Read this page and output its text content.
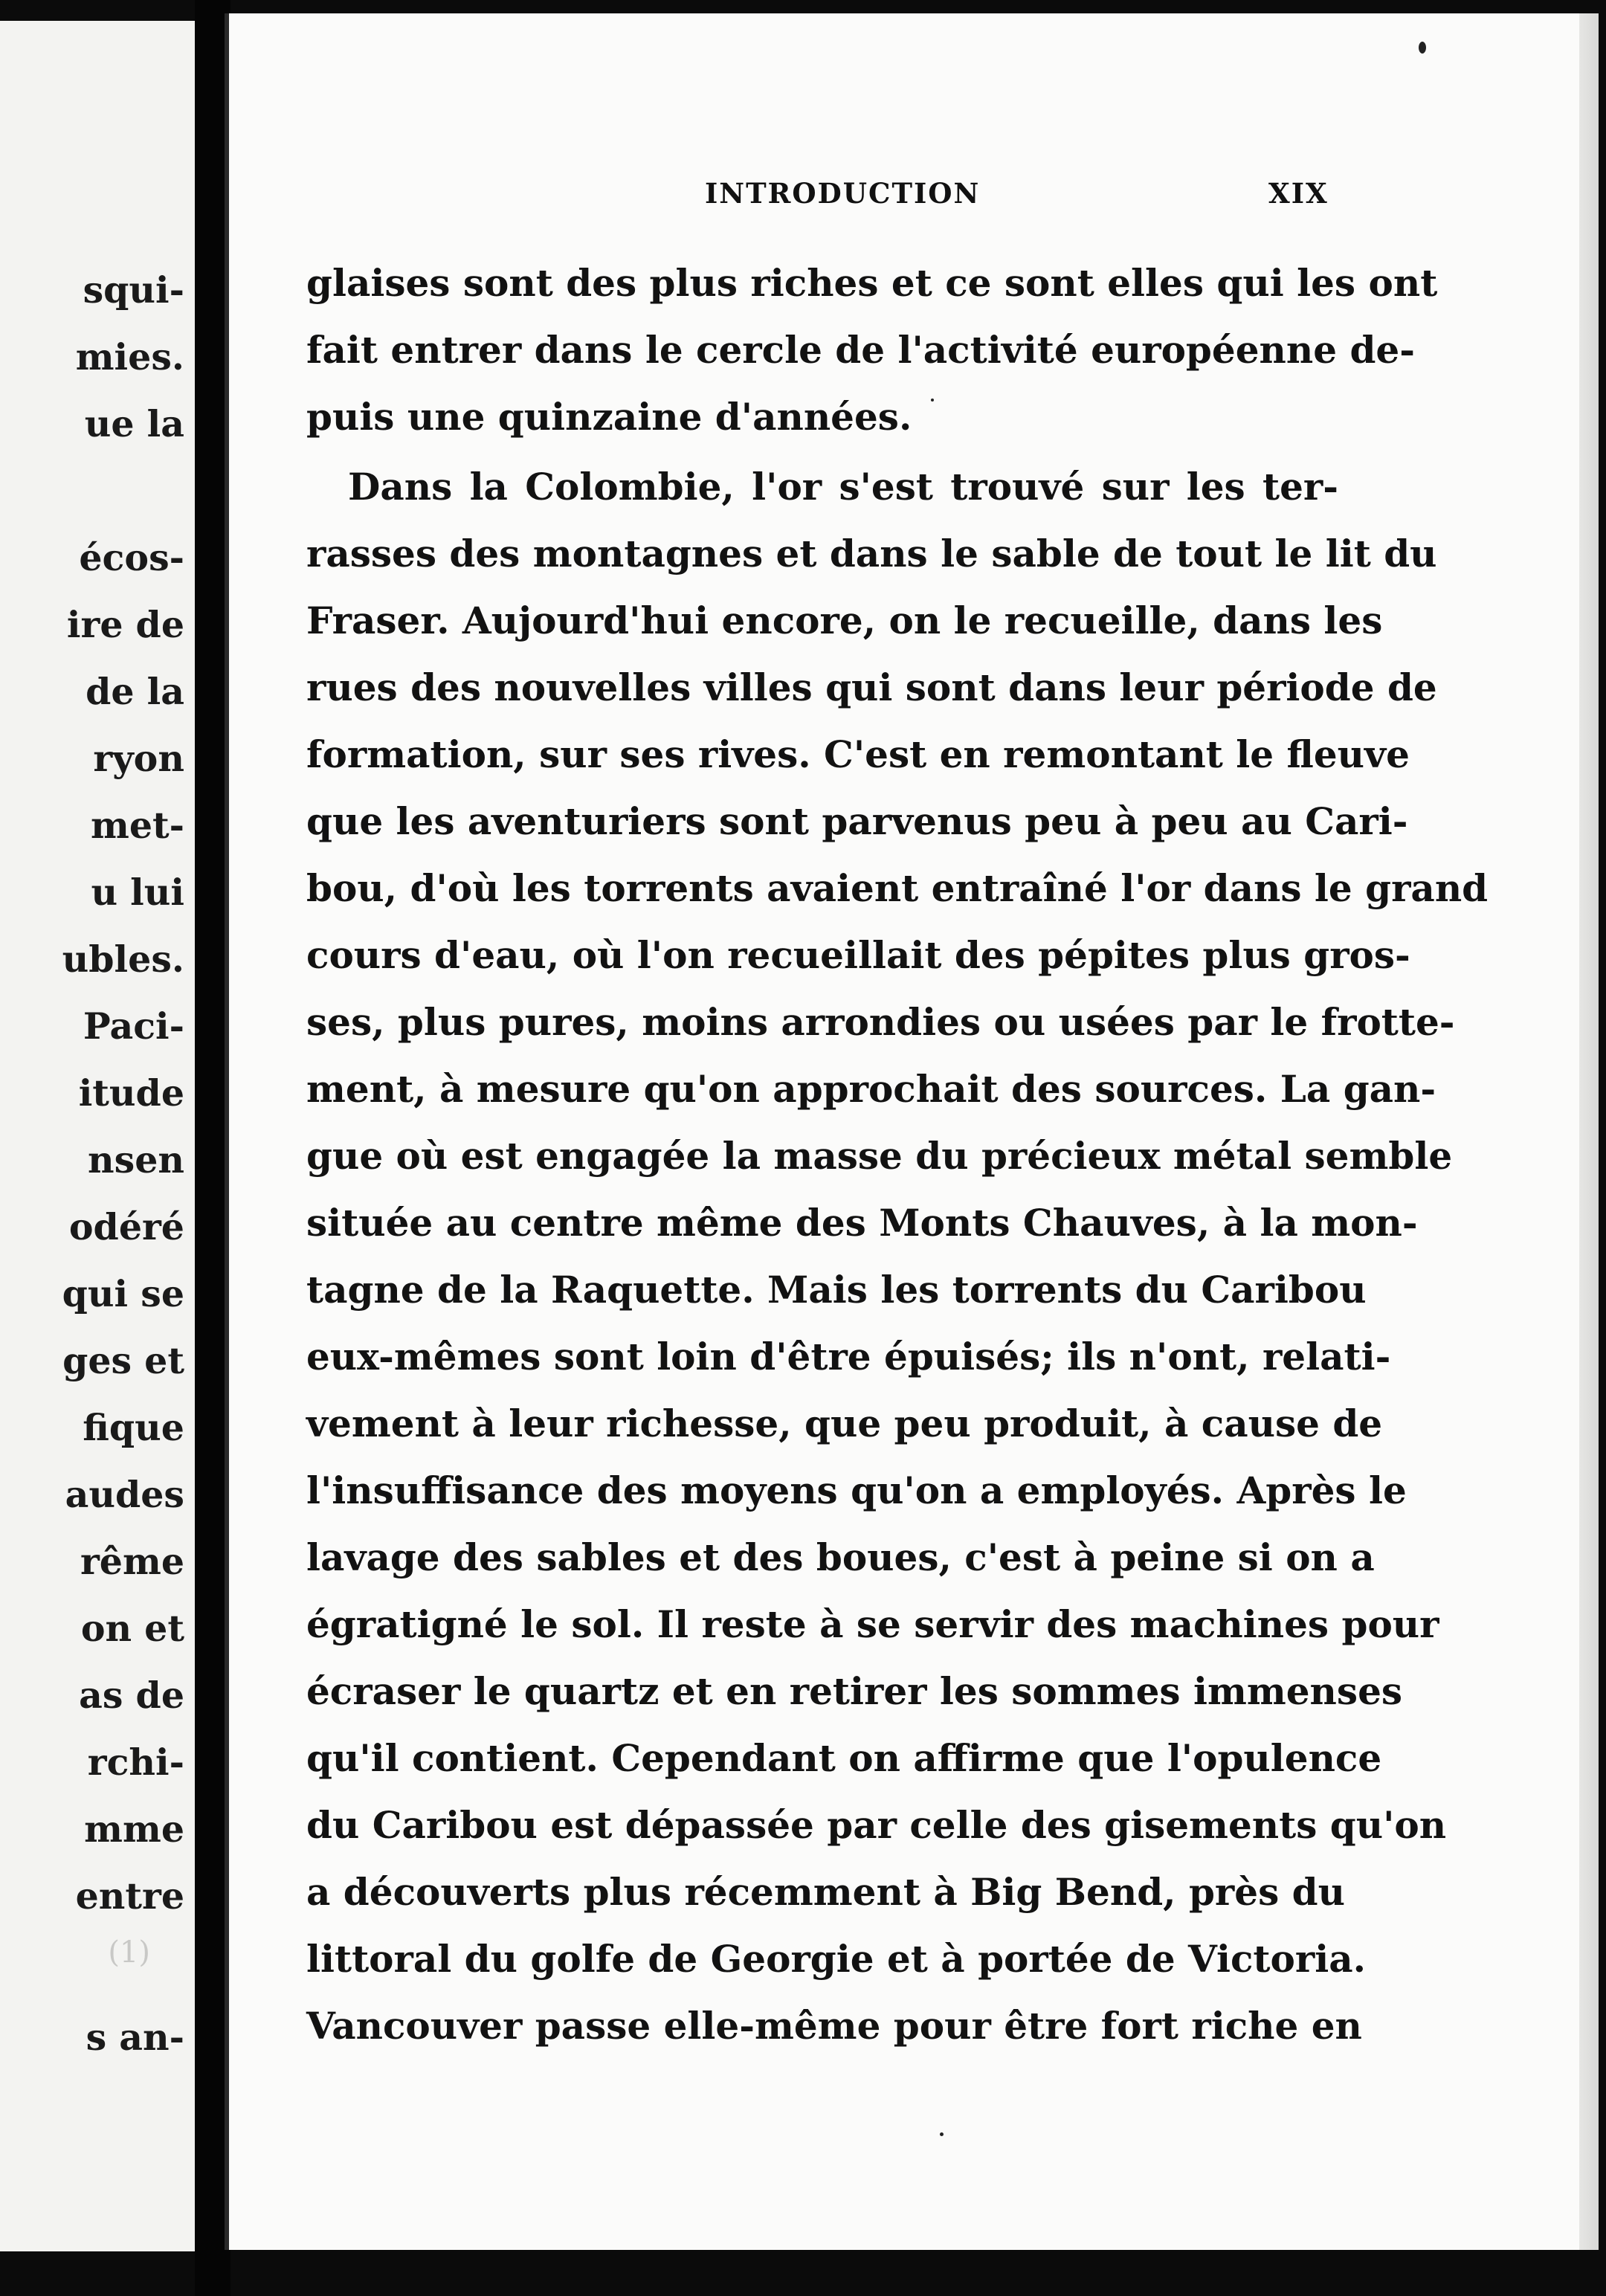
squi-
mies.
ue la
écos-
ire de
de la
ryon
met-
u lui
ubles.
Paci-
itude
nsen
odéré
qui se
ges et
fique
audes
rême
on et
as de
rchi-
mme
entre
(1)
s an-
INTRODUCTION	XIX
glaises sont des plus riches et ce sont elles qui les ont
fait entrer dans le cercle de l'activité européenne de-
puis une quinzaine d'années.
Dans la Colombie, l'or s'est trouvé sur les ter-
rasses des montagnes et dans le sable de tout le lit du
Fraser. Aujourd'hui encore, on le recueille, dans les
rues des nouvelles villes qui sont dans leur période de
formation, sur ses rives. C'est en remontant le fleuve
que les aventuriers sont parvenus peu à peu au Cari-
bou, d'où les torrents avaient entraîné l'or dans le grand
cours d'eau, où l'on recueillait des pépites plus gros-
ses, plus pures, moins arrondies ou usées par le frotte-
ment, à mesure qu'on approchait des sources. La gan-
gue où est engagée la masse du précieux métal semble
située au centre même des Monts Chauves, à la mon-
tagne de la Raquette. Mais les torrents du Caribou
eux-mêmes sont loin d'être épuisés; ils n'ont, relati-
vement à leur richesse, que peu produit, à cause de
l'insuffisance des moyens qu'on a employés. Après le
lavage des sables et des boues, c'est à peine si on a
égratigné le sol. Il reste à se servir des machines pour
écraser le quartz et en retirer les sommes immenses
qu'il contient. Cependant on affirme que l'opulence
du Caribou est dépassée par celle des gisements qu'on
a découverts plus récemment à Big Bend, près du
littoral du golfe de Georgie et à portée de Victoria.
Vancouver passe elle-même pour être fort riche en
